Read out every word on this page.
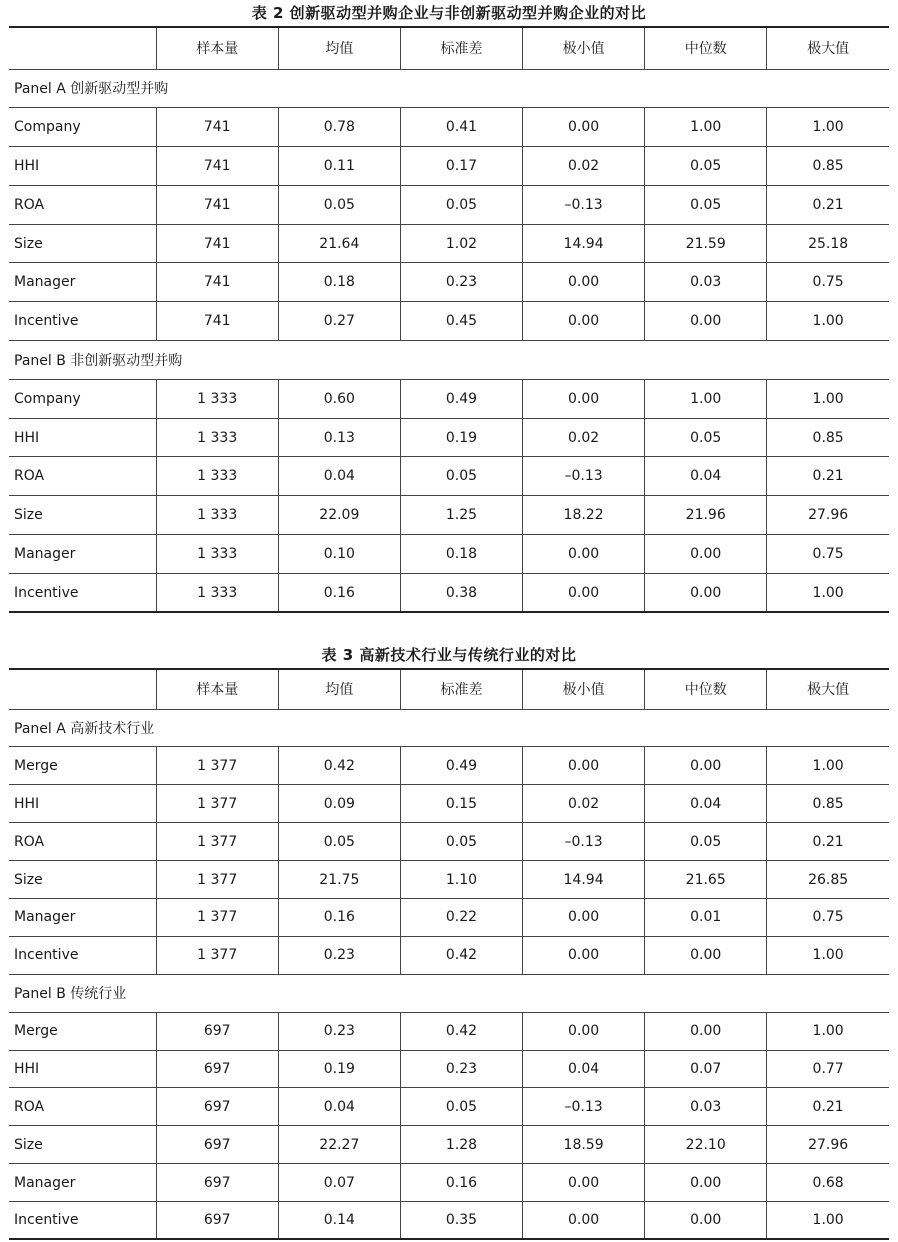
表 2 创新驱动型并购企业与非创新驱动型并购企业的对比
	样本量	均值	标准差	极小值	中位数	极大值
Panel A 创新驱动型并购						
Company	741	0.78	0.41	0.00	1.00	1.00
HHI	741	0.11	0.17	0.02	0.05	0.85
ROA	741	0.05	0.05	–0.13	0.05	0.21
Size	741	21.64	1.02	14.94	21.59	25.18
Manager	741	0.18	0.23	0.00	0.03	0.75
Incentive	741	0.27	0.45	0.00	0.00	1.00
Panel B 非创新驱动型并购						
Company	1 333	0.60	0.49	0.00	1.00	1.00
HHI	1 333	0.13	0.19	0.02	0.05	0.85
ROA	1 333	0.04	0.05	–0.13	0.04	0.21
Size	1 333	22.09	1.25	18.22	21.96	27.96
Manager	1 333	0.10	0.18	0.00	0.00	0.75
Incentive	1 333	0.16	0.38	0.00	0.00	1.00
表 3 高新技术行业与传统行业的对比
	样本量	均值	标准差	极小值	中位数	极大值
Panel A 高新技术行业						
Merge	1 377	0.42	0.49	0.00	0.00	1.00
HHI	1 377	0.09	0.15	0.02	0.04	0.85
ROA	1 377	0.05	0.05	–0.13	0.05	0.21
Size	1 377	21.75	1.10	14.94	21.65	26.85
Manager	1 377	0.16	0.22	0.00	0.01	0.75
Incentive	1 377	0.23	0.42	0.00	0.00	1.00
Panel B 传统行业						
Merge	697	0.23	0.42	0.00	0.00	1.00
HHI	697	0.19	0.23	0.04	0.07	0.77
ROA	697	0.04	0.05	–0.13	0.03	0.21
Size	697	22.27	1.28	18.59	22.10	27.96
Manager	697	0.07	0.16	0.00	0.00	0.68
Incentive	697	0.14	0.35	0.00	0.00	1.00
